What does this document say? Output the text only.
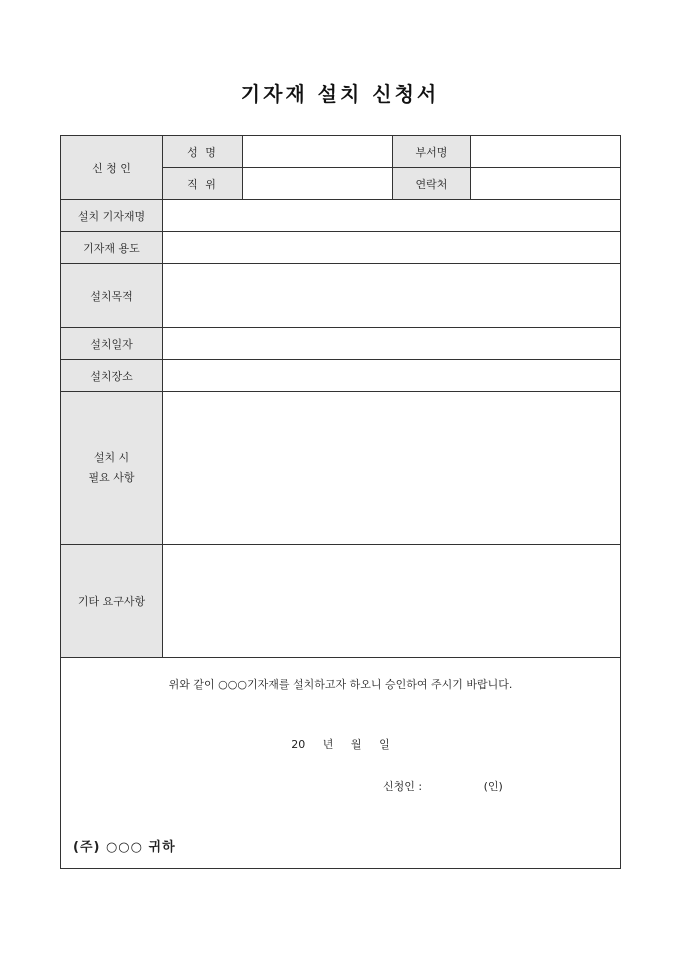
기자재 설치 신청서
신 청 인	성 명		부서명	
	직 위		연락처	
설치 기자재명				
기자재 용도				
설치목적				
설치일자				
설치장소				

설치 시
필요 사항				

기타 요구사항				

위와 같이 ○○○기자재를 설치하고자 하오니 승인하여 주시기 바랍니다.
20 년 월 일
신청인 : (인)
(주) ○○○ 귀하				
